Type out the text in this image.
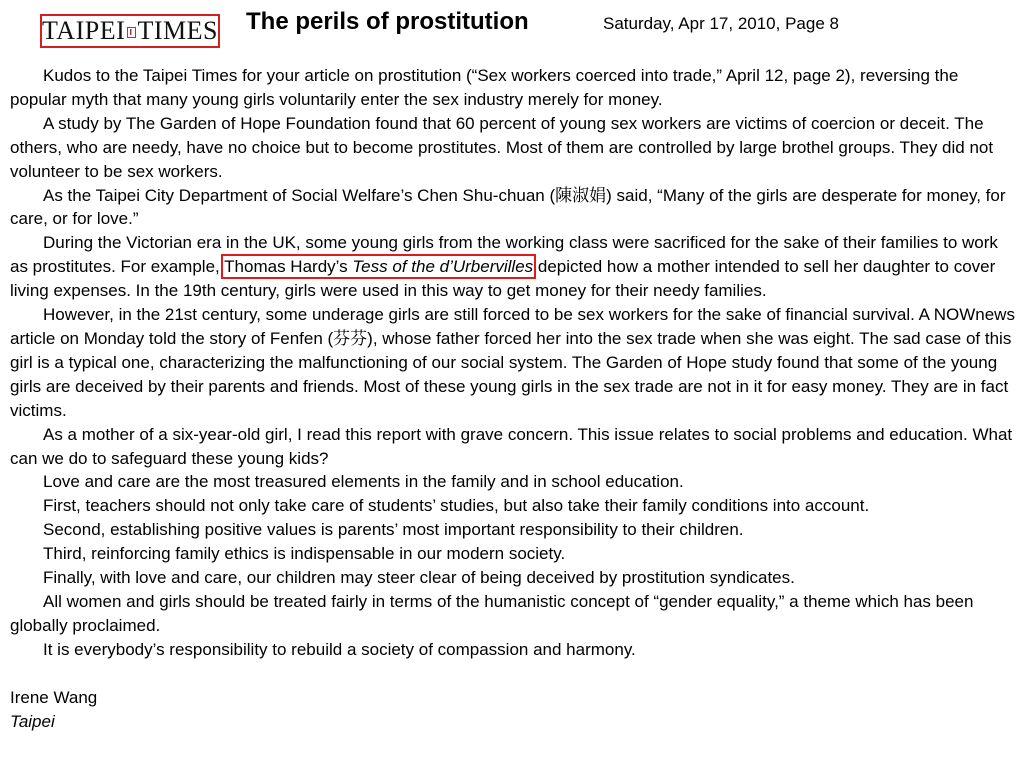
TAIPEI TIMES The perils of prostitution	Saturday, Apr 17, 2010, Page 8

Kudos to the Taipei Times for your article on prostitution (“Sex workers coerced into trade,” April 12, page 2), reversing the popular myth that many young girls voluntarily enter the sex industry merely for money.

A study by The Garden of Hope Foundation found that 60 percent of young sex workers are victims of coercion or deceit. The others, who are needy, have no choice but to become prostitutes. Most of them are controlled by large brothel groups. They did not volunteer to be sex workers.

As the Taipei City Department of Social Welfare’s Chen Shu-chuan (陳淑娟) said, “Many of the girls are desperate for money, for care, or for love.”

During the Victorian era in the UK, some young girls from the working class were sacrificed for the sake of their families to work as prostitutes. For example, Thomas Hardy’s Tess of the d’Urbervilles depicted how a mother intended to sell her daughter to cover living expenses. In the 19th century, girls were used in this way to get money for their needy families.

However, in the 21st century, some underage girls are still forced to be sex workers for the sake of financial survival. A NOWnews article on Monday told the story of Fenfen (芬芬), whose father forced her into the sex trade when she was eight. The sad case of this girl is a typical one, characterizing the malfunctioning of our social system. The Garden of Hope study found that some of the young girls are deceived by their parents and friends. Most of these young girls in the sex trade are not in it for easy money. They are in fact victims.

As a mother of a six-year-old girl, I read this report with grave concern. This issue relates to social problems and education. What can we do to safeguard these young kids?

Love and care are the most treasured elements in the family and in school education.

First, teachers should not only take care of students’ studies, but also take their family conditions into account.

Second, establishing positive values is parents’ most important responsibility to their children.

Third, reinforcing family ethics is indispensable in our modern society.

Finally, with love and care, our children may steer clear of being deceived by prostitution syndicates.

All women and girls should be treated fairly in terms of the humanistic concept of “gender equality,” a theme which has been globally proclaimed.

It is everybody’s responsibility to rebuild a society of compassion and harmony.

Irene Wang
Taipei
